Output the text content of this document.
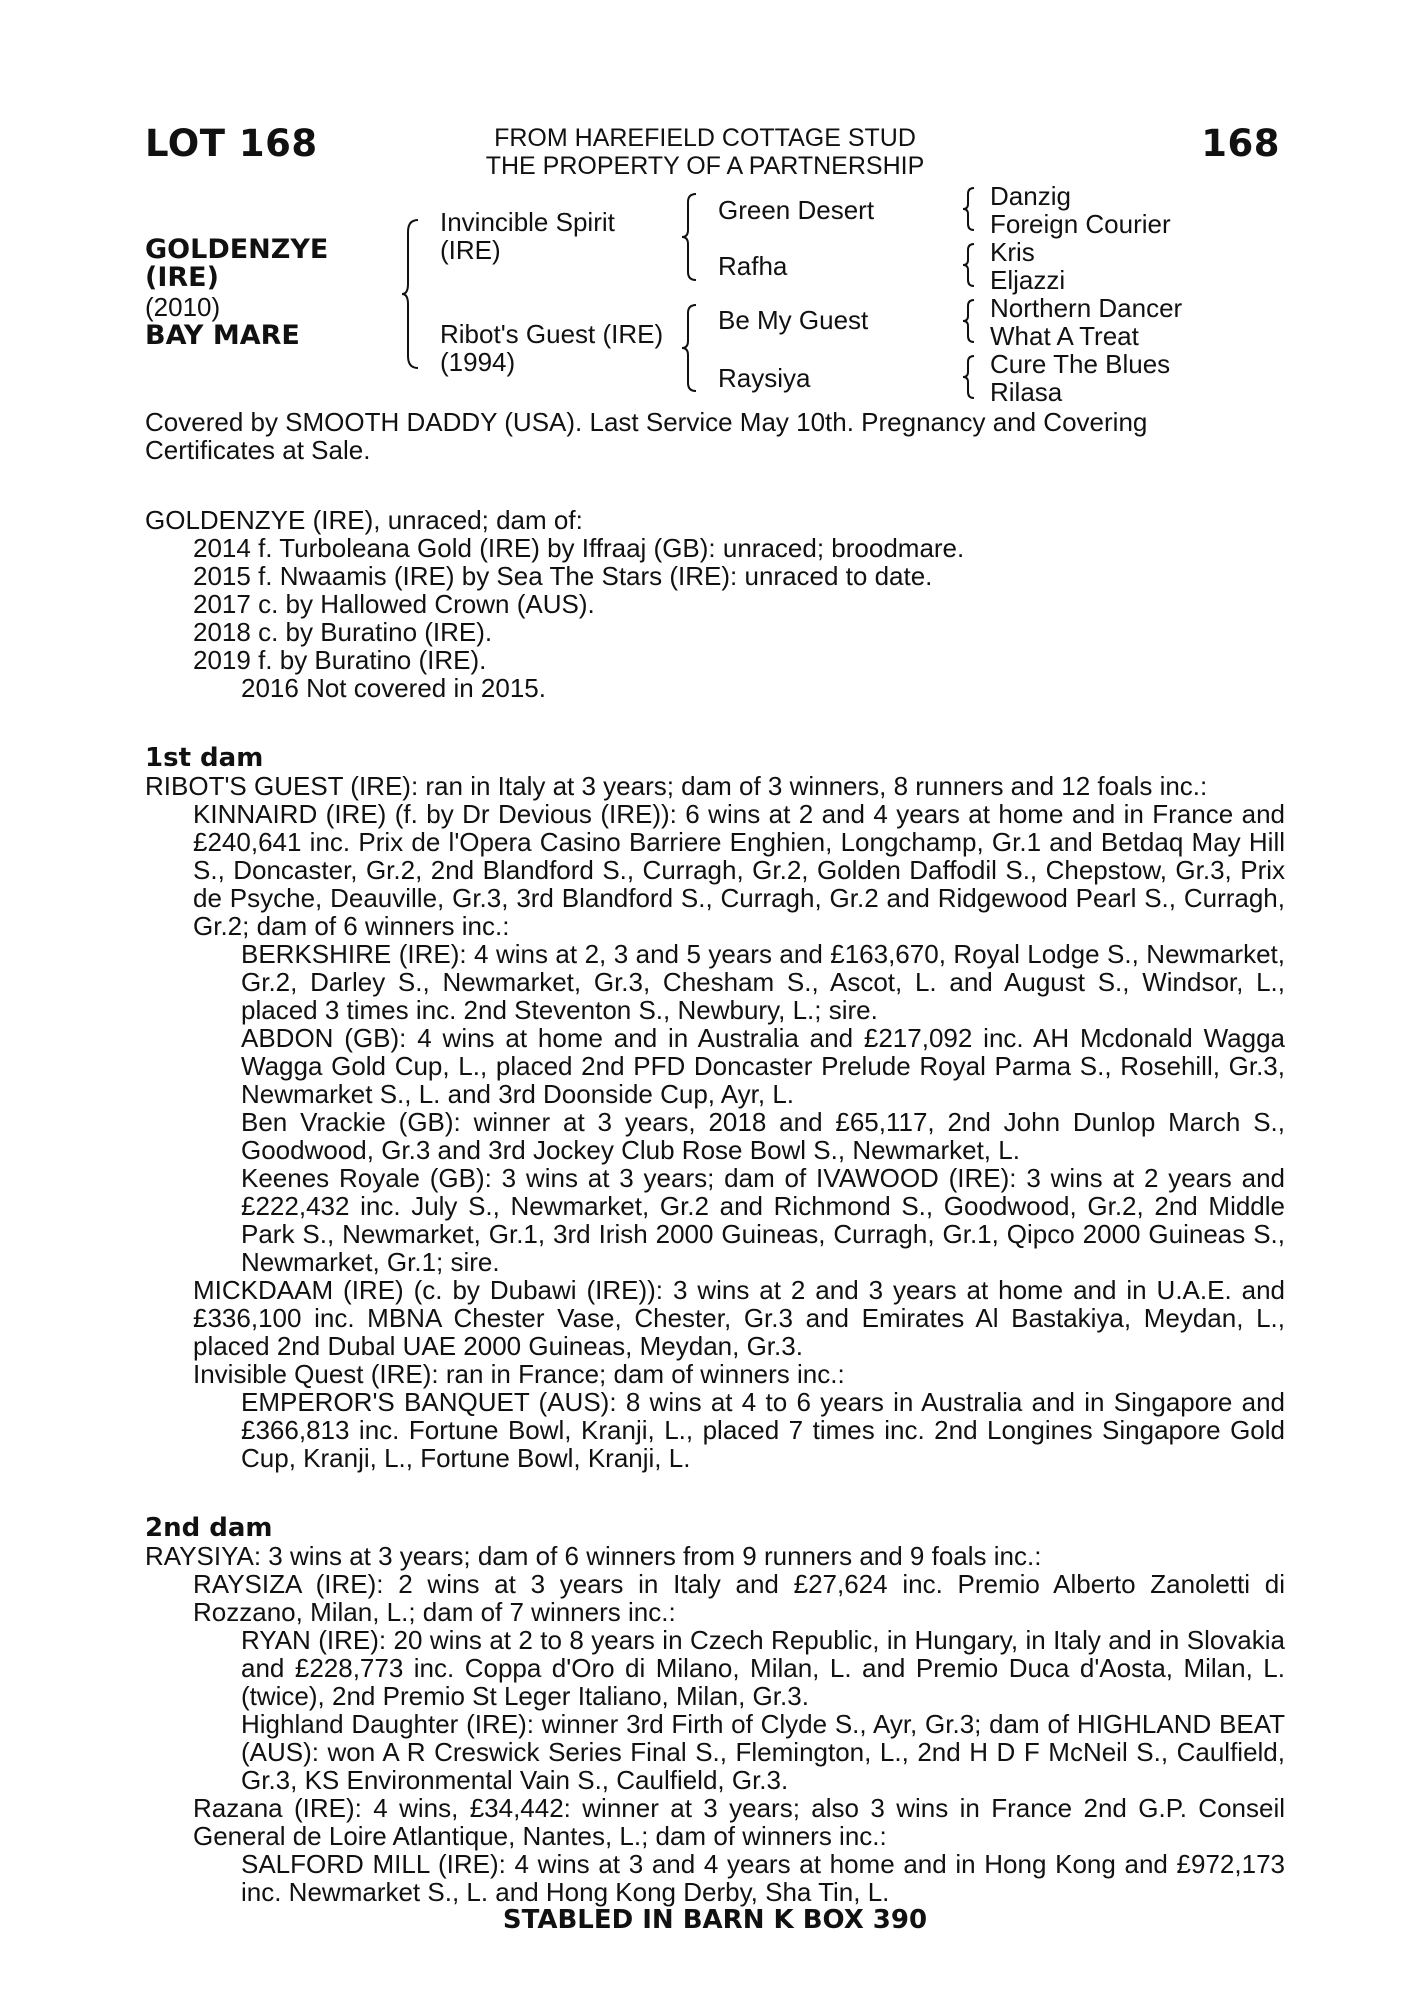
LOT 168	FROM HAREFIELD COTTAGE STUD
THE PROPERTY OF A PARTNERSHIP
168
GOLDENZYE
(IRE)
(2010)
BAY MARE
Invincible Spirit
(IRE)
Ribot's Guest (IRE)
(1994)
Green Desert
Rafha
Be My Guest
Raysiya
Danzig
Foreign Courier
Kris
Eljazzi
Northern Dancer
What A Treat
Cure The Blues
Rilasa
Covered by SMOOTH DADDY (USA). Last Service May 10th. Pregnancy and Covering
Certificates at Sale.
GOLDENZYE (IRE), unraced; dam of:
2014 f. Turboleana Gold (IRE) by Iffraaj (GB): unraced; broodmare.
2015 f. Nwaamis (IRE) by Sea The Stars (IRE): unraced to date.
2017 c. by Hallowed Crown (AUS).
2018 c. by Buratino (IRE).
2019 f. by Buratino (IRE).
2016 Not covered in 2015.
1st dam
RIBOT'S GUEST (IRE): ran in Italy at 3 years; dam of 3 winners, 8 runners and 12 foals inc.:
KINNAIRD (IRE) (f. by Dr Devious (IRE)): 6 wins at 2 and 4 years at home and in France and £240,641 inc. Prix de l'Opera Casino Barriere Enghien, Longchamp, Gr.1 and Betdaq May Hill S., Doncaster, Gr.2, 2nd Blandford S., Curragh, Gr.2, Golden Daffodil S., Chepstow, Gr.3, Prix de Psyche, Deauville, Gr.3, 3rd Blandford S., Curragh, Gr.2 and Ridgewood Pearl S., Curragh, Gr.2; dam of 6 winners inc.:
BERKSHIRE (IRE): 4 wins at 2, 3 and 5 years and £163,670, Royal Lodge S., Newmarket, Gr.2, Darley S., Newmarket, Gr.3, Chesham S., Ascot, L. and August S., Windsor, L., placed 3 times inc. 2nd Steventon S., Newbury, L.; sire.
ABDON (GB): 4 wins at home and in Australia and £217,092 inc. AH Mcdonald Wagga Wagga Gold Cup, L., placed 2nd PFD Doncaster Prelude Royal Parma S., Rosehill, Gr.3, Newmarket S., L. and 3rd Doonside Cup, Ayr, L.
Ben Vrackie (GB): winner at 3 years, 2018 and £65,117, 2nd John Dunlop March S., Goodwood, Gr.3 and 3rd Jockey Club Rose Bowl S., Newmarket, L.
Keenes Royale (GB): 3 wins at 3 years; dam of IVAWOOD (IRE): 3 wins at 2 years and £222,432 inc. July S., Newmarket, Gr.2 and Richmond S., Goodwood, Gr.2, 2nd Middle Park S., Newmarket, Gr.1, 3rd Irish 2000 Guineas, Curragh, Gr.1, Qipco 2000 Guineas S., Newmarket, Gr.1; sire.
MICKDAAM (IRE) (c. by Dubawi (IRE)): 3 wins at 2 and 3 years at home and in U.A.E. and £336,100 inc. MBNA Chester Vase, Chester, Gr.3 and Emirates Al Bastakiya, Meydan, L., placed 2nd Dubal UAE 2000 Guineas, Meydan, Gr.3.
Invisible Quest (IRE): ran in France; dam of winners inc.:
EMPEROR'S BANQUET (AUS): 8 wins at 4 to 6 years in Australia and in Singapore and £366,813 inc. Fortune Bowl, Kranji, L., placed 7 times inc. 2nd Longines Singapore Gold Cup, Kranji, L., Fortune Bowl, Kranji, L.
2nd dam
RAYSIYA: 3 wins at 3 years; dam of 6 winners from 9 runners and 9 foals inc.:
RAYSIZA (IRE): 2 wins at 3 years in Italy and £27,624 inc. Premio Alberto Zanoletti di Rozzano, Milan, L.; dam of 7 winners inc.:
RYAN (IRE): 20 wins at 2 to 8 years in Czech Republic, in Hungary, in Italy and in Slovakia and £228,773 inc. Coppa d'Oro di Milano, Milan, L. and Premio Duca d'Aosta, Milan, L. (twice), 2nd Premio St Leger Italiano, Milan, Gr.3.
Highland Daughter (IRE): winner 3rd Firth of Clyde S., Ayr, Gr.3; dam of HIGHLAND BEAT (AUS): won A R Creswick Series Final S., Flemington, L., 2nd H D F McNeil S., Caulfield, Gr.3, KS Environmental Vain S., Caulfield, Gr.3.
Razana (IRE): 4 wins, £34,442: winner at 3 years; also 3 wins in France 2nd G.P. Conseil General de Loire Atlantique, Nantes, L.; dam of winners inc.:
SALFORD MILL (IRE): 4 wins at 3 and 4 years at home and in Hong Kong and £972,173 inc. Newmarket S., L. and Hong Kong Derby, Sha Tin, L.
STABLED IN BARN K BOX 390
